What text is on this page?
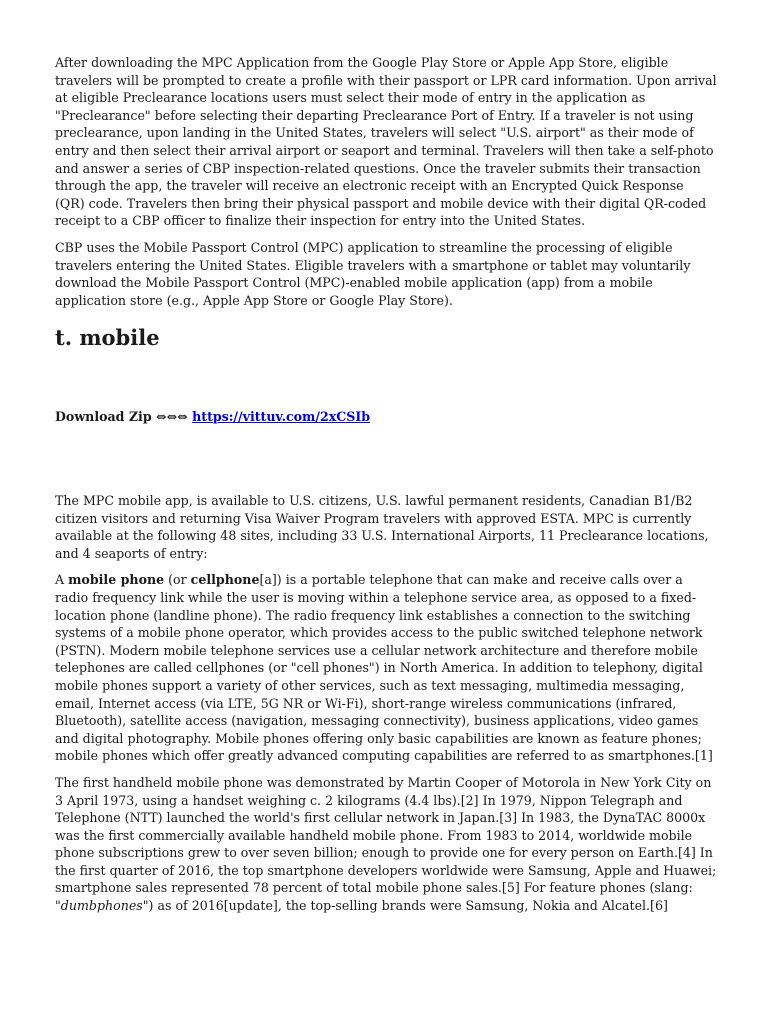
After downloading the MPC Application from the Google Play Store or Apple App Store, eligible travelers will be prompted to create a profile with their passport or LPR card information. Upon arrival at eligible Preclearance locations users must select their mode of entry in the application as "Preclearance" before selecting their departing Preclearance Port of Entry. If a traveler is not using preclearance, upon landing in the United States, travelers will select "U.S. airport" as their mode of entry and then select their arrival airport or seaport and terminal. Travelers will then take a self-photo and answer a series of CBP inspection-related questions. Once the traveler submits their transaction through the app, the traveler will receive an electronic receipt with an Encrypted Quick Response (QR) code. Travelers then bring their physical passport and mobile device with their digital QR-coded receipt to a CBP officer to finalize their inspection for entry into the United States.

CBP uses the Mobile Passport Control (MPC) application to streamline the processing of eligible travelers entering the United States. Eligible travelers with a smartphone or tablet may voluntarily download the Mobile Passport Control (MPC)-enabled mobile application (app) from a mobile application store (e.g., Apple App Store or Google Play Store).

t. mobile

Download Zip ⇔⇔⇔ https://vittuv.com/2xCSIb

The MPC mobile app, is available to U.S. citizens, U.S. lawful permanent residents, Canadian B1/B2 citizen visitors and returning Visa Waiver Program travelers with approved ESTA. MPC is currently available at the following 48 sites, including 33 U.S. International Airports, 11 Preclearance locations, and 4 seaports of entry:

A mobile phone (or cellphone[a]) is a portable telephone that can make and receive calls over a radio frequency link while the user is moving within a telephone service area, as opposed to a fixed-location phone (landline phone). The radio frequency link establishes a connection to the switching systems of a mobile phone operator, which provides access to the public switched telephone network (PSTN). Modern mobile telephone services use a cellular network architecture and therefore mobile telephones are called cellphones (or "cell phones") in North America. In addition to telephony, digital mobile phones support a variety of other services, such as text messaging, multimedia messaging, email, Internet access (via LTE, 5G NR or Wi-Fi), short-range wireless communications (infrared, Bluetooth), satellite access (navigation, messaging connectivity), business applications, video games and digital photography. Mobile phones offering only basic capabilities are known as feature phones; mobile phones which offer greatly advanced computing capabilities are referred to as smartphones.[1]

The first handheld mobile phone was demonstrated by Martin Cooper of Motorola in New York City on 3 April 1973, using a handset weighing c. 2 kilograms (4.4 lbs).[2] In 1979, Nippon Telegraph and Telephone (NTT) launched the world's first cellular network in Japan.[3] In 1983, the DynaTAC 8000x was the first commercially available handheld mobile phone. From 1983 to 2014, worldwide mobile phone subscriptions grew to over seven billion; enough to provide one for every person on Earth.[4] In the first quarter of 2016, the top smartphone developers worldwide were Samsung, Apple and Huawei; smartphone sales represented 78 percent of total mobile phone sales.[5] For feature phones (slang: "dumbphones") as of 2016[update], the top-selling brands were Samsung, Nokia and Alcatel.[6]
